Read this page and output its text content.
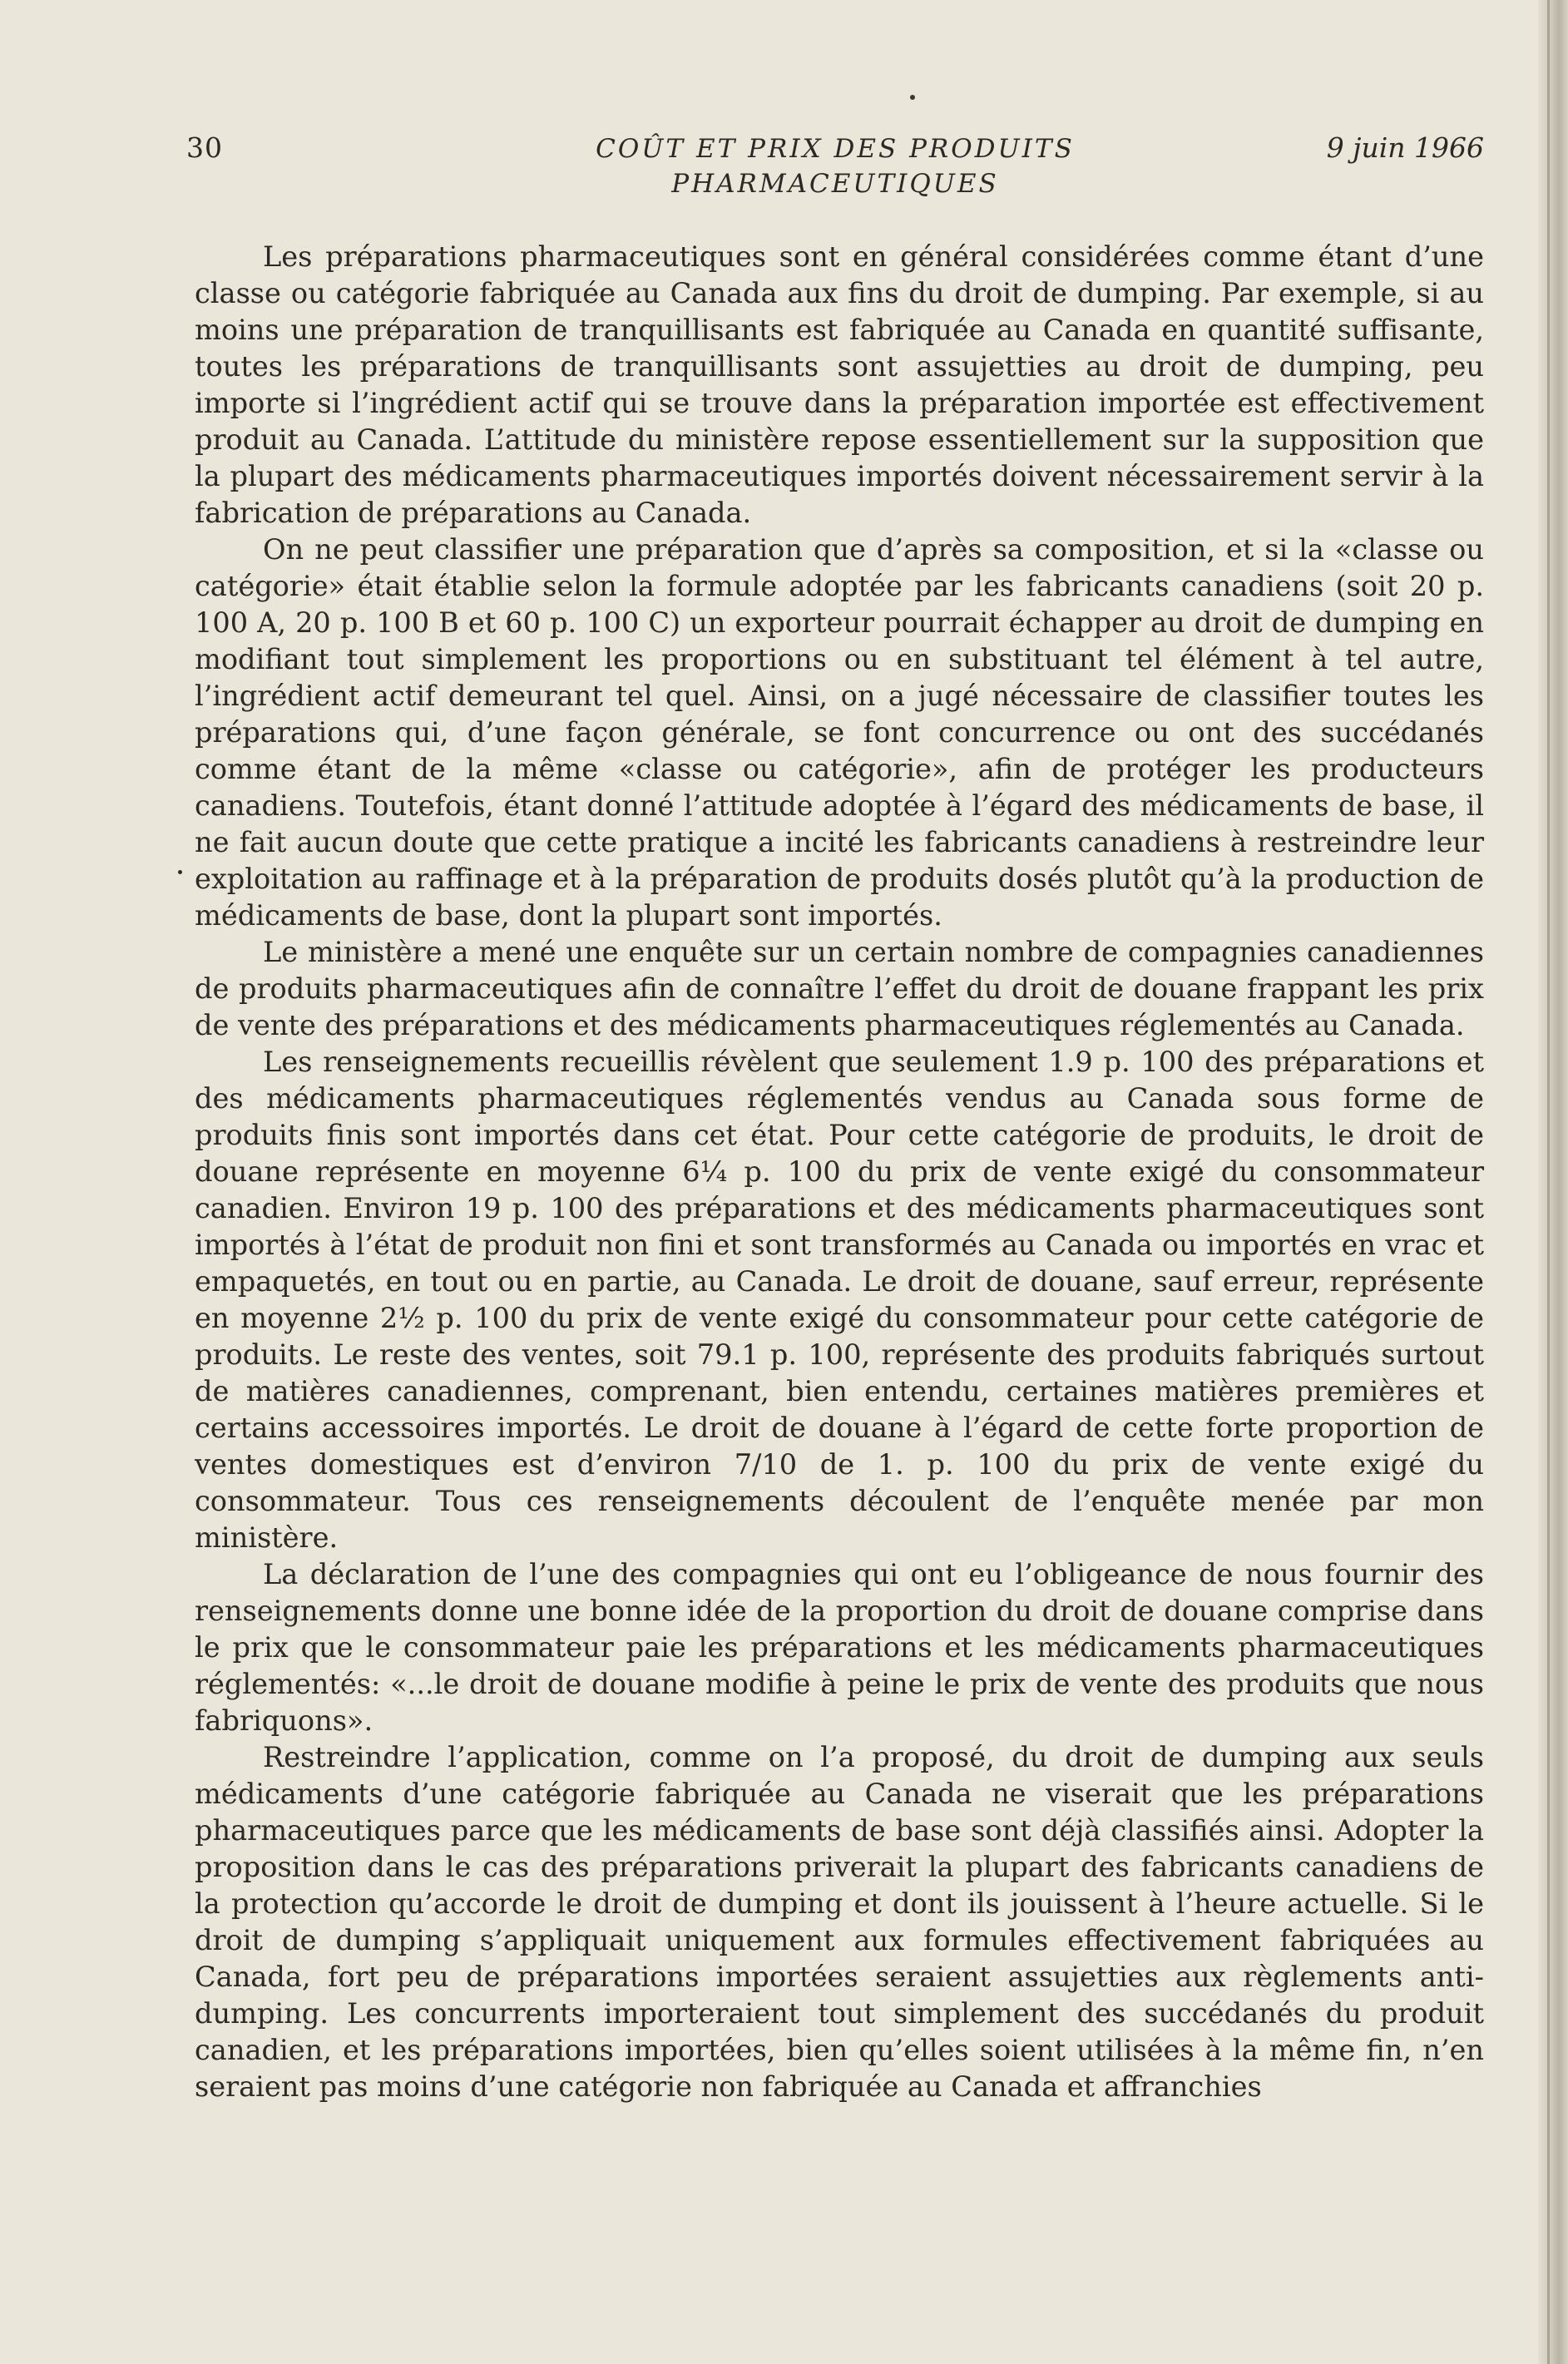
30	COÛT ET PRIX DES PRODUITS
PHARMACEUTIQUES
9 juin 1966

Les préparations pharmaceutiques sont en général considérées comme étant d’une classe ou catégorie fabriquée au Canada aux fins du droit de dumping. Par exemple, si au moins une préparation de tranquillisants est fabriquée au Canada en quantité suffisante, toutes les préparations de tranquillisants sont assujetties au droit de dumping, peu importe si l’ingrédient actif qui se trouve dans la préparation importée est effectivement produit au Canada. L’attitude du ministère repose essentiellement sur la supposition que la plupart des médicaments pharmaceutiques importés doivent nécessairement servir à la fabrication de préparations au Canada.

On ne peut classifier une préparation que d’après sa composition, et si la «classe ou catégorie» était établie selon la formule adoptée par les fabricants canadiens (soit 20 p. 100 A, 20 p. 100 B et 60 p. 100 C) un exporteur pourrait échapper au droit de dumping en modifiant tout simplement les proportions ou en substituant tel élément à tel autre, l’ingrédient actif demeurant tel quel. Ainsi, on a jugé nécessaire de classifier toutes les préparations qui, d’une façon générale, se font concurrence ou ont des succédanés comme étant de la même «classe ou catégorie», afin de protéger les producteurs canadiens. Toutefois, étant donné l’attitude adoptée à l’égard des médicaments de base, il ne fait aucun doute que cette pratique a incité les fabricants canadiens à restreindre leur exploitation au raffinage et à la préparation de produits dosés plutôt qu’à la production de médicaments de base, dont la plupart sont importés.

Le ministère a mené une enquête sur un certain nombre de compagnies canadiennes de produits pharmaceutiques afin de connaître l’effet du droit de douane frappant les prix de vente des préparations et des médicaments pharmaceutiques réglementés au Canada.

Les renseignements recueillis révèlent que seulement 1.9 p. 100 des préparations et des médicaments pharmaceutiques réglementés vendus au Canada sous forme de produits finis sont importés dans cet état. Pour cette catégorie de produits, le droit de douane représente en moyenne 6¼ p. 100 du prix de vente exigé du consommateur canadien. Environ 19 p. 100 des préparations et des médicaments pharmaceutiques sont importés à l’état de produit non fini et sont transformés au Canada ou importés en vrac et empaquetés, en tout ou en partie, au Canada. Le droit de douane, sauf erreur, représente en moyenne 2½ p. 100 du prix de vente exigé du consommateur pour cette catégorie de produits. Le reste des ventes, soit 79.1 p. 100, représente des produits fabriqués surtout de matières canadiennes, comprenant, bien entendu, certaines matières premières et certains accessoires importés. Le droit de douane à l’égard de cette forte proportion de ventes domestiques est d’environ 7/10 de 1. p. 100 du prix de vente exigé du consommateur. Tous ces renseignements découlent de l’enquête menée par mon ministère.

La déclaration de l’une des compagnies qui ont eu l’obligeance de nous fournir des renseignements donne une bonne idée de la proportion du droit de douane comprise dans le prix que le consommateur paie les préparations et les médicaments pharmaceutiques réglementés: «...le droit de douane modifie à peine le prix de vente des produits que nous fabriquons».

Restreindre l’application, comme on l’a proposé, du droit de dumping aux seuls médicaments d’une catégorie fabriquée au Canada ne viserait que les préparations pharmaceutiques parce que les médicaments de base sont déjà classifiés ainsi. Adopter la proposition dans le cas des préparations priverait la plupart des fabricants canadiens de la protection qu’accorde le droit de dumping et dont ils jouissent à l’heure actuelle. Si le droit de dumping s’appliquait uniquement aux formules effectivement fabriquées au Canada, fort peu de préparations importées seraient assujetties aux règlements anti-dumping. Les concurrents importeraient tout simplement des succédanés du produit canadien, et les préparations importées, bien qu’elles soient utilisées à la même fin, n’en seraient pas moins d’une catégorie non fabriquée au Canada et affranchies
